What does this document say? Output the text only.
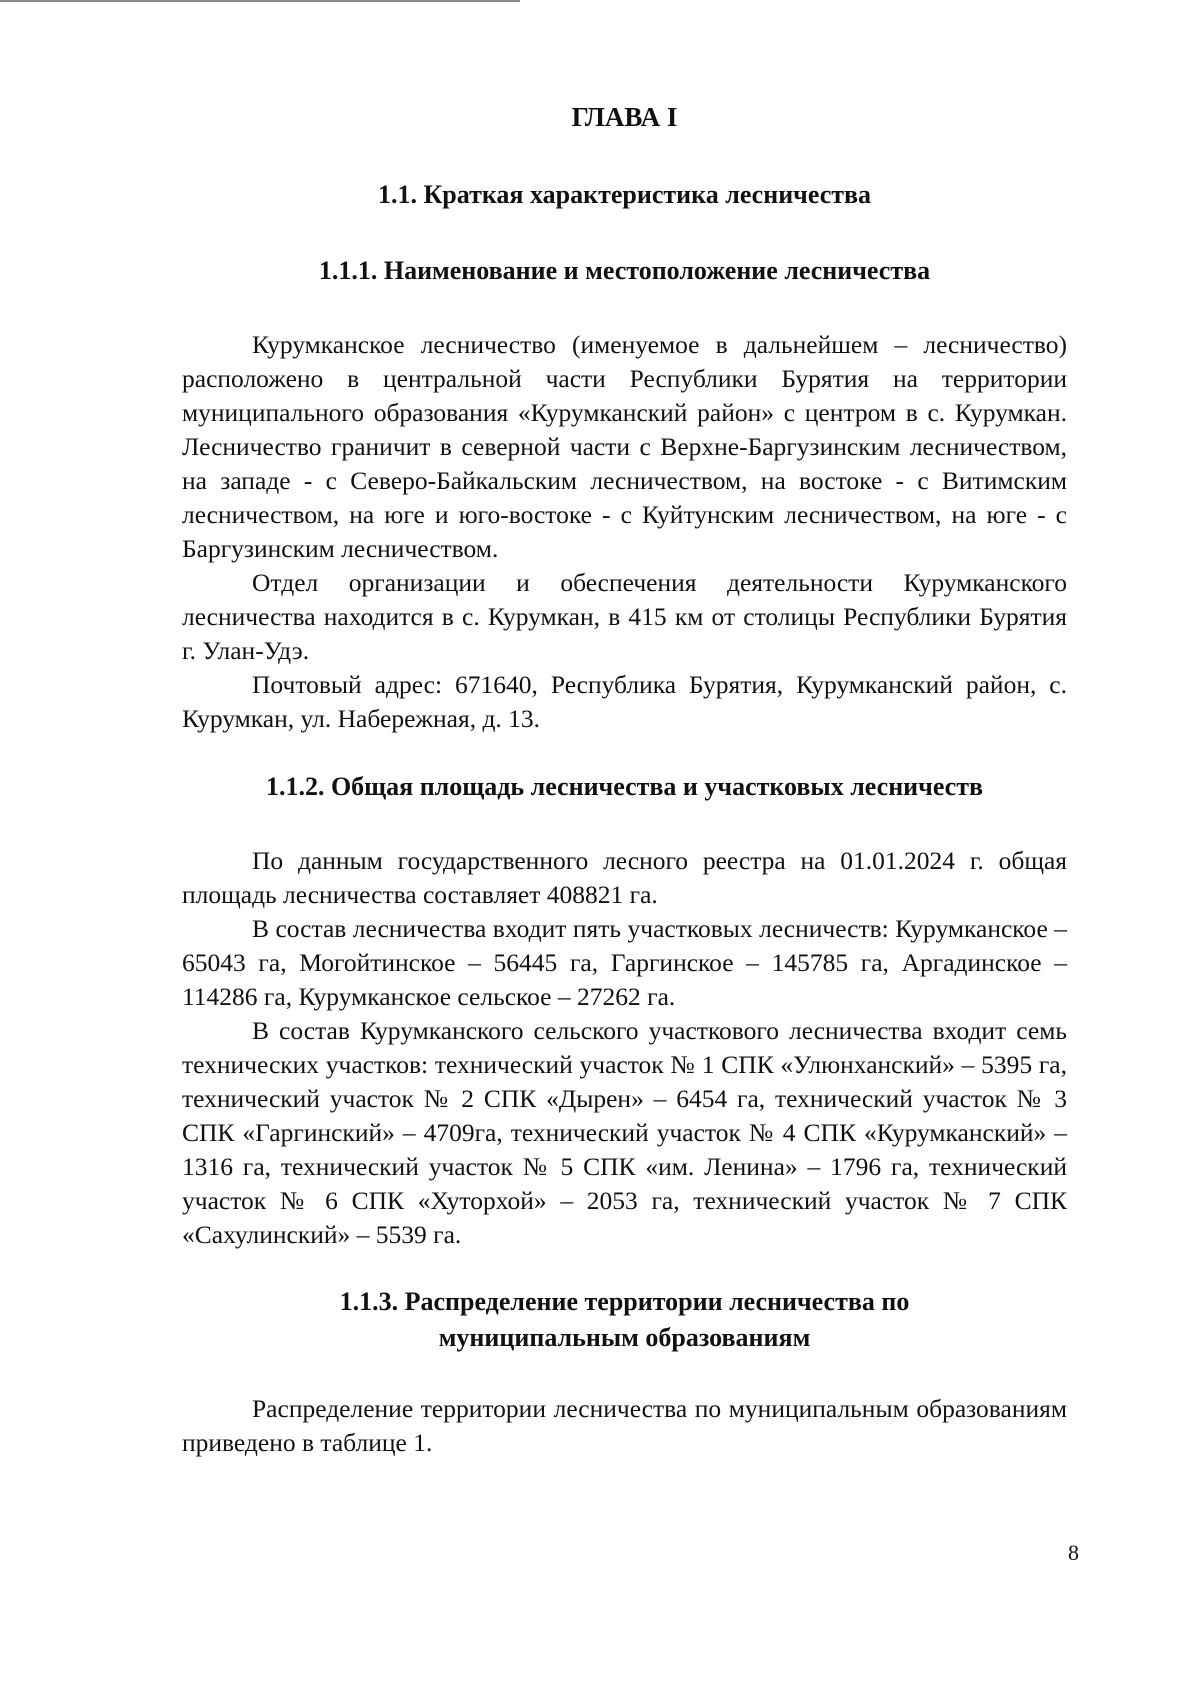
ГЛАВА I
1.1. Краткая характеристика лесничества
1.1.1. Наименование и местоположение лесничества

Курумканское лесничество (именуемое в дальнейшем – лесничество) расположено в центральной части Республики Бурятия на территории муниципального образования «Курумканский район» с центром в с. Курумкан. Лесничество граничит в северной части с Верхне-Баргузинским лесничеством, на западе - с Северо-Байкальским лесничеством, на востоке - с Витимским лесничеством, на юге и юго-востоке - с Куйтунским лесничеством, на юге - с Баргузинским лесничеством.

Отдел организации и обеспечения деятельности Курумканского лесничества находится в с. Курумкан, в 415 км от столицы Республики Бурятия г. Улан-Удэ.

Почтовый адрес: 671640, Республика Бурятия, Курумканский район, с. Курумкан, ул. Набережная, д. 13.

1.1.2. Общая площадь лесничества и участковых лесничеств

По данным государственного лесного реестра на 01.01.2024 г. общая площадь лесничества составляет 408821 га.

В состав лесничества входит пять участковых лесничеств: Курумканское – 65043 га, Могойтинское – 56445 га, Гаргинское – 145785 га, Аргадинское – 114286 га, Курумканское сельское – 27262 га.

В состав Курумканского сельского участкового лесничества входит семь технических участков: технический участок № 1 СПК «Улюнханский» – 5395 га, технический участок № 2 СПК «Дырен» – 6454 га, технический участок № 3 СПК «Гаргинский» – 4709га, технический участок № 4 СПК «Курумканский» – 1316 га, технический участок № 5 СПК «им. Ленина» – 1796 га, технический участок № 6 СПК «Хуторхой» – 2053 га, технический участок № 7 СПК «Сахулинский» – 5539 га.

1.1.3. Распределение территории лесничества по
муниципальным образованиям

Распределение территории лесничества по муниципальным образованиям приведено в таблице 1.

8
